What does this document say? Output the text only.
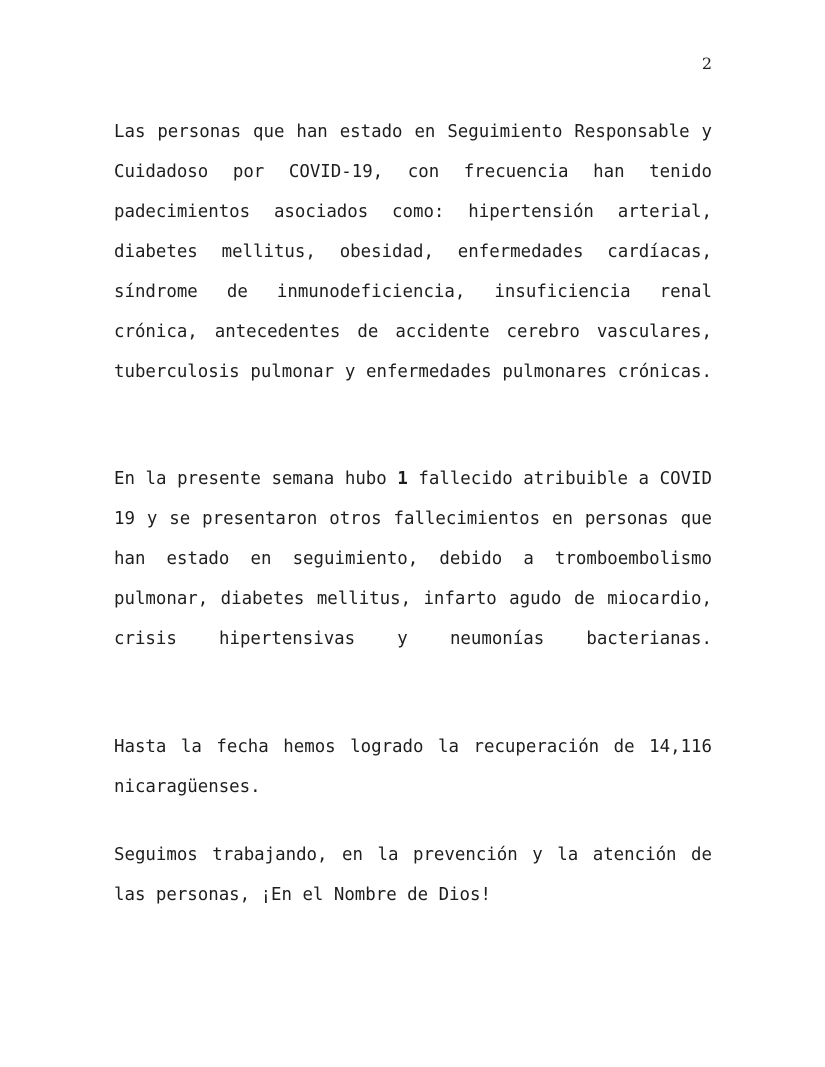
2

Las personas que han estado en Seguimiento Responsable y Cuidadoso por COVID-19, con frecuencia han tenido padecimientos asociados como: hipertensión arterial, diabetes mellitus, obesidad, enfermedades cardíacas, síndrome de inmunodeficiencia, insuficiencia renal crónica, antecedentes de accidente cerebro vasculares, tuberculosis pulmonar y enfermedades pulmonares crónicas.

En la presente semana hubo 1 fallecido atribuible a COVID 19 y se presentaron otros fallecimientos en personas que han estado en seguimiento, debido a tromboembolismo pulmonar, diabetes mellitus, infarto agudo de miocardio, crisis hipertensivas y neumonías bacterianas.

Hasta la fecha hemos logrado la recuperación de 14,116 nicaragüenses.

Seguimos trabajando, en la prevención y la atención de las personas, ¡En el Nombre de Dios!
